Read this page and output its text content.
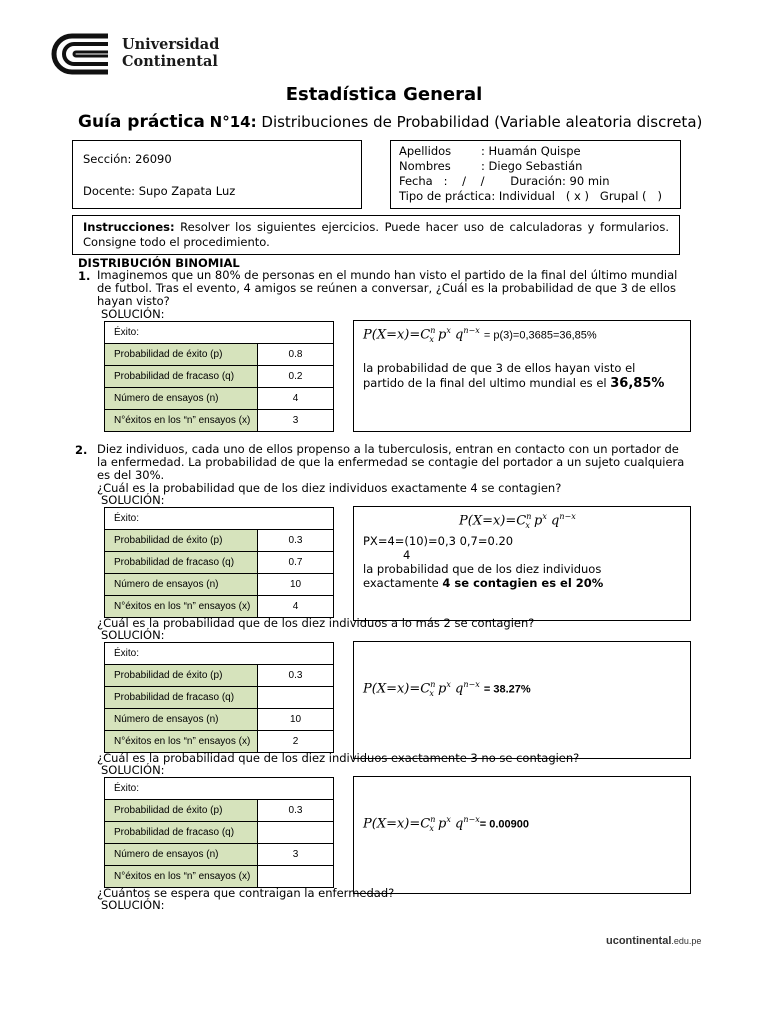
Universidad
Continental
Estadística General
Guía práctica N°14: Distribuciones de Probabilidad (Variable aleatoria discreta)
Sección: 26090
Docente: Supo Zapata Luz
Apellidos	: Huamán Quispe
Nombres	: Diego Sebastián
Fecha   :    /    /
Duración: 90 min
Tipo de práctica: Individual   ( x )   Grupal (   )

Instrucciones: Resolver los siguientes ejercicios. Puede hacer uso de calculadoras y formularios. Consigne todo el procedimiento.

DISTRIBUCIÓN BINOMIAL
1. Imaginemos que un 80% de personas en el mundo han visto el partido de la final del último mundial
de futbol. Tras el evento, 4 amigos se reúnen a conversar, ¿Cuál es la probabilidad de que 3 de ellos
hayan visto?
SOLUCIÓN:
Éxito:	
Probabilidad de éxito (p)	0.8
Probabilidad de fracaso (q)	0.2
Número de ensayos (n)	4
N°éxitos en los “n” ensayos (x)	3
$P(X=x)=C^n_x$ $p^x$ $q^{n-x} = p(3)=0,3685=36,85\%$
la probabilidad de que 3 de ellos hayan visto el
partido de la final del ultimo mundial es el 36,85%
2. Diez individuos, cada uno de ellos propenso a la tuberculosis, entran en contacto con un portador de
la enfermedad. La probabilidad de que la enfermedad se contagie del portador a un sujeto cualquiera
es del 30%.
¿Cuál es la probabilidad que de los diez individuos exactamente 4 se contagien?
SOLUCIÓN:
Éxito:	
Probabilidad de éxito (p)	0.3
Probabilidad de fracaso (q)	0.7
Número de ensayos (n)	10
N°éxitos en los “n” ensayos (x)	4
$P(X=x)=C^n_x$ $p^x$ $q^{n-x}$
PX=4=(10)=0,3 0,7=0.20
4
la probabilidad que de los diez individuos
exactamente 4 se contagien es el 20%
¿Cuál es la probabilidad que de los diez individuos a lo más 2 se contagien?
SOLUCIÓN:
Éxito:	
Probabilidad de éxito (p)	0.3
Probabilidad de fracaso (q)	
Número de ensayos (n)	10
N°éxitos en los “n” ensayos (x)	2
$P(X=x)=C^n_x$ $p^x$ $q^{n-x} = 38.27\%$
¿Cuál es la probabilidad que de los diez individuos exactamente 3 no se contagien?
SOLUCIÓN:
Éxito:	
Probabilidad de éxito (p)	0.3
Probabilidad de fracaso (q)	
Número de ensayos (n)	3
N°éxitos en los “n” ensayos (x)	
$P(X=x)=C^n_x$ $p^x$ $q^{n-x}= 0.00900$
¿Cuántos se espera que contraigan la enfermedad?
SOLUCIÓN:
ucontinental.edu.pe
